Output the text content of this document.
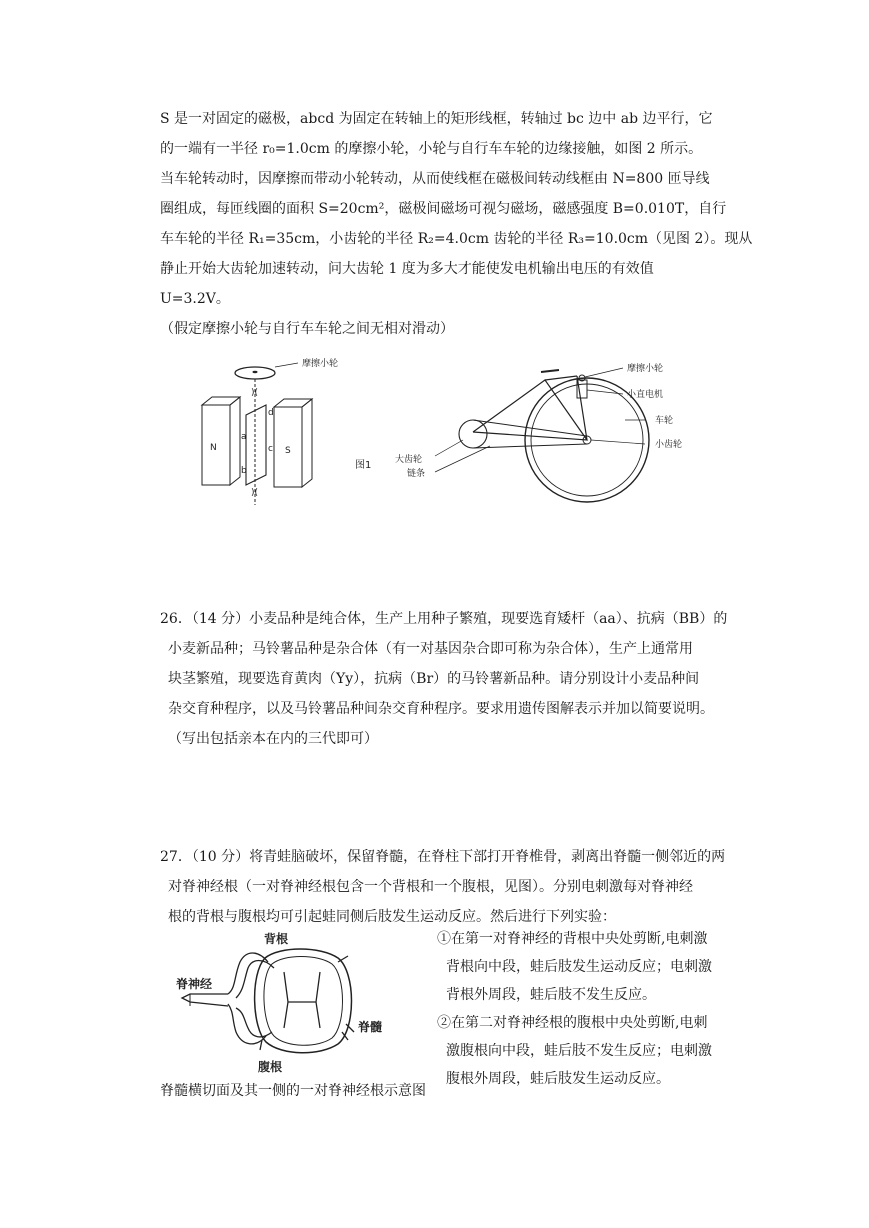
S 是一对固定的磁极，abcd 为固定在转轴上的矩形线框，转轴过 bc 边中 ab 边平行，它

的一端有一半径 r₀=1.0cm 的摩擦小轮，小轮与自行车车轮的边缘接触，如图 2 所示。

当车轮转动时，因摩擦而带动小轮转动，从而使线框在磁极间转动线框由 N=800 匝导线

圈组成，每匝线圈的面积 S=20cm²，磁极间磁场可视匀磁场，磁感强度 B=0.010T，自行

车车轮的半径 R₁=35cm，小齿轮的半径 R₂=4.0cm 齿轮的半径 R₃=10.0cm（见图 2）。现从

静止开始大齿轮加速转动，问大齿轮 1 度为多大才能使发电机输出电压的有效值

U=3.2V。

（假定摩擦小轮与自行车车轮之间无相对滑动）

摩擦小轮
)(
)(
N
a
b
c
d
S
图1
摩擦小轮
小直电机
车轮
小齿轮
大齿轮
链条

26．（14 分）小麦品种是纯合体，生产上用种子繁殖，现要选育矮杆（aa）、抗病（BB）的

小麦新品种；马铃薯品种是杂合体（有一对基因杂合即可称为杂合体），生产上通常用

块茎繁殖，现要选育黄肉（Yy），抗病（Br）的马铃薯新品种。请分别设计小麦品种间

杂交育种程序，以及马铃薯品种间杂交育种程序。要求用遗传图解表示并加以简要说明。

（写出包括亲本在内的三代即可）

27．（10 分）将青蛙脑破坏，保留脊髓，在脊柱下部打开脊椎骨，剥离出脊髓一侧邻近的两

对脊神经根（一对脊神经根包含一个背根和一个腹根，见图）。分别电刺激每对脊神经

根的背根与腹根均可引起蛙同侧后肢发生运动反应。然后进行下列实验：

背根
脊神经
脊髓
腹根

①在第一对脊神经的背根中央处剪断,电刺激

背根向中段，蛙后肢发生运动反应；电刺激

背根外周段，蛙后肢不发生反应。

②在第二对脊神经根的腹根中央处剪断,电刺

激腹根向中段，蛙后肢不发生反应；电刺激

腹根外周段，蛙后肢发生运动反应。

脊髓横切面及其一侧的一对脊神经根示意图
